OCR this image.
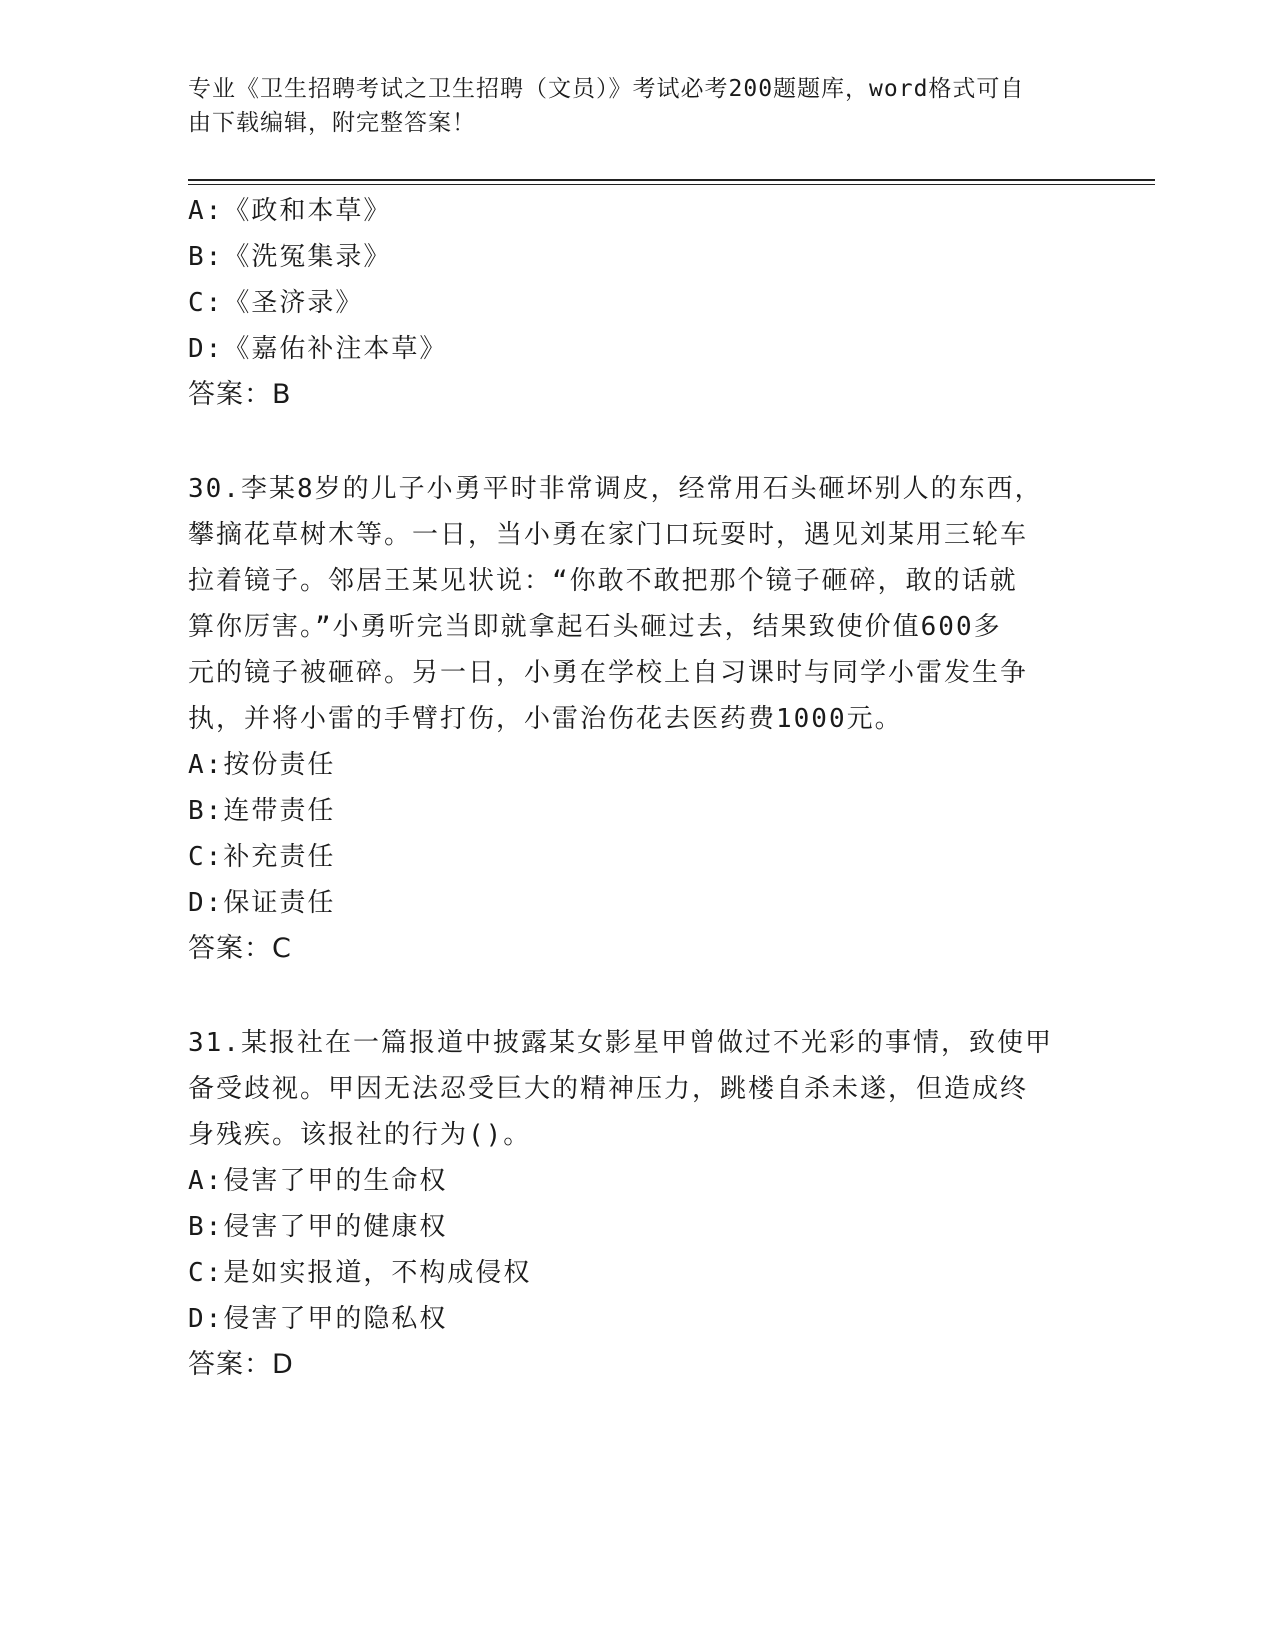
专业《卫生招聘考试之卫生招聘（文员）》考试必考200题题库，word格式可自
由下载编辑，附完整答案！
A:《政和本草》
B:《洗冤集录》
C:《圣济录》
D:《嘉佑补注本草》
答案：B
30.李某8岁的儿子小勇平时非常调皮，经常用石头砸坏别人的东西，
攀摘花草树木等。一日，当小勇在家门口玩耍时，遇见刘某用三轮车
拉着镜子。邻居王某见状说：“你敢不敢把那个镜子砸碎，敢的话就
算你厉害。”小勇听完当即就拿起石头砸过去，结果致使价值600多
元的镜子被砸碎。另一日，小勇在学校上自习课时与同学小雷发生争
执，并将小雷的手臂打伤，小雷治伤花去医药费1000元。
A:按份责任
B:连带责任
C:补充责任
D:保证责任
答案：C
31.某报社在一篇报道中披露某女影星甲曾做过不光彩的事情，致使甲
备受歧视。甲因无法忍受巨大的精神压力，跳楼自杀未遂，但造成终
身残疾。该报社的行为()。
A:侵害了甲的生命权
B:侵害了甲的健康权
C:是如实报道，不构成侵权
D:侵害了甲的隐私权
答案：D
